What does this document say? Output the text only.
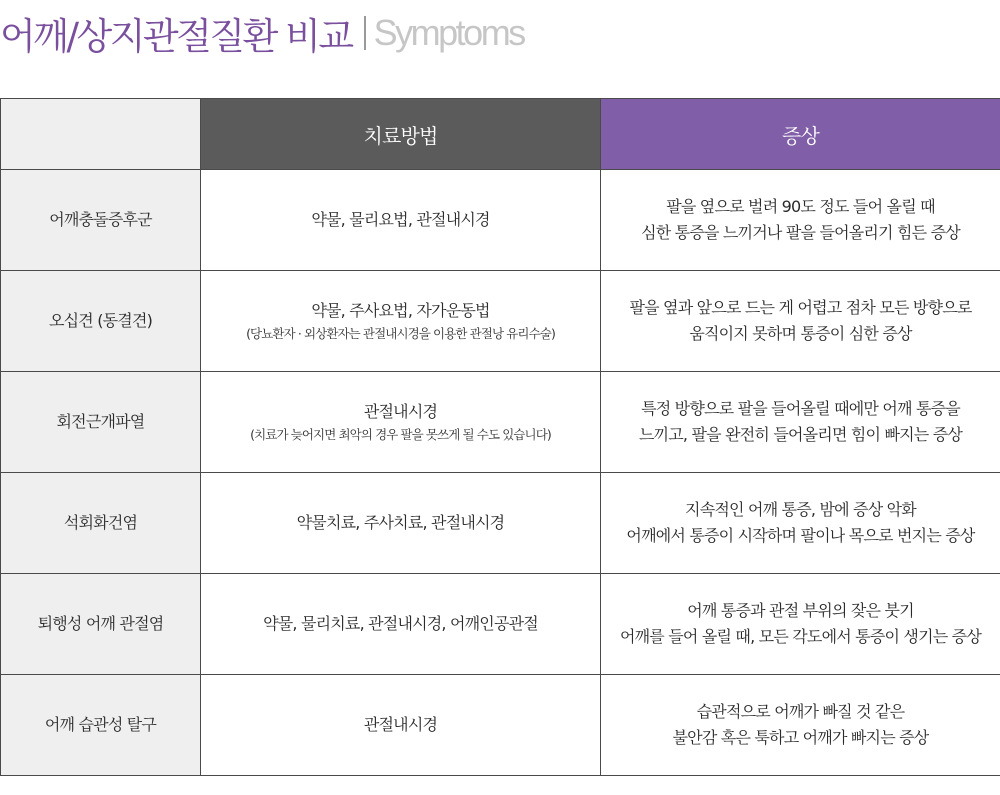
어깨/상지관절질환 비교 Symptoms
	치료방법	증상
어깨충돌증후군	약물, 물리요법, 관절내시경	팔을 옆으로 벌려 90도 정도 들어 올릴 때
심한 통증을 느끼거나 팔을 들어올리기 힘든 증상

오십견 (동결견)	약물, 주사요법, 자가운동법
(당뇨환자 · 외상환자는 관절내시경을 이용한 관절낭 유리수술)	팔을 옆과 앞으로 드는 게 어렵고 점차 모든 방향으로
움직이지 못하며 통증이 심한 증상

회전근개파열	관절내시경
(치료가 늦어지면 최악의 경우 팔을 못쓰게 될 수도 있습니다)	특정 방향으로 팔을 들어올릴 때에만 어깨 통증을
느끼고, 팔을 완전히 들어올리면 힘이 빠지는 증상

석회화건염	약물치료, 주사치료, 관절내시경	지속적인 어깨 통증, 밤에 증상 악화
어깨에서 통증이 시작하며 팔이나 목으로 번지는 증상

퇴행성 어깨 관절염	약물, 물리치료, 관절내시경, 어깨인공관절	어깨 통증과 관절 부위의 잦은 붓기
어깨를 들어 올릴 때, 모든 각도에서 통증이 생기는 증상

어깨 습관성 탈구	관절내시경	습관적으로 어깨가 빠질 것 같은
불안감 혹은 툭하고 어깨가 빠지는 증상
